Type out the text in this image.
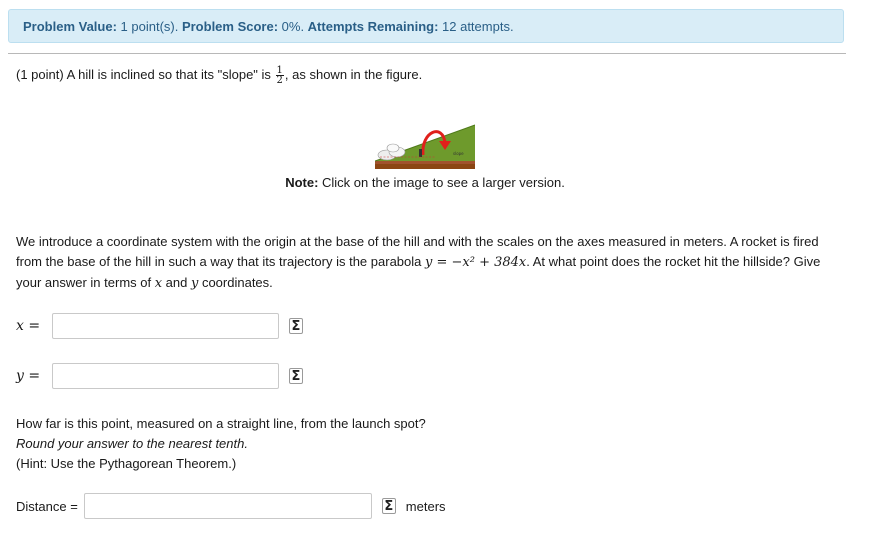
Problem Value: 1 point(s). Problem Score: 0%. Attempts Remaining: 12 attempts.
(1 point) A hill is inclined so that its "slope" is $\frac{1}{2}$ , as shown in the figure.
slope
Note: Click on the image to see a larger version.
We introduce a coordinate system with the origin at the base of the hill and with the scales on the axes measured in meters. A rocket is fired from the base of the hill in such a way that its trajectory is the parabola y = −x² + 384x. At what point does the rocket hit the hillside? Give your answer in terms of x and y coordinates.
x =	Σ
y =	Σ
How far is this point, measured on a straight line, from the launch spot?
Round your answer to the nearest tenth.
(Hint: Use the Pythagorean Theorem.)
Distance =	Σ meters
